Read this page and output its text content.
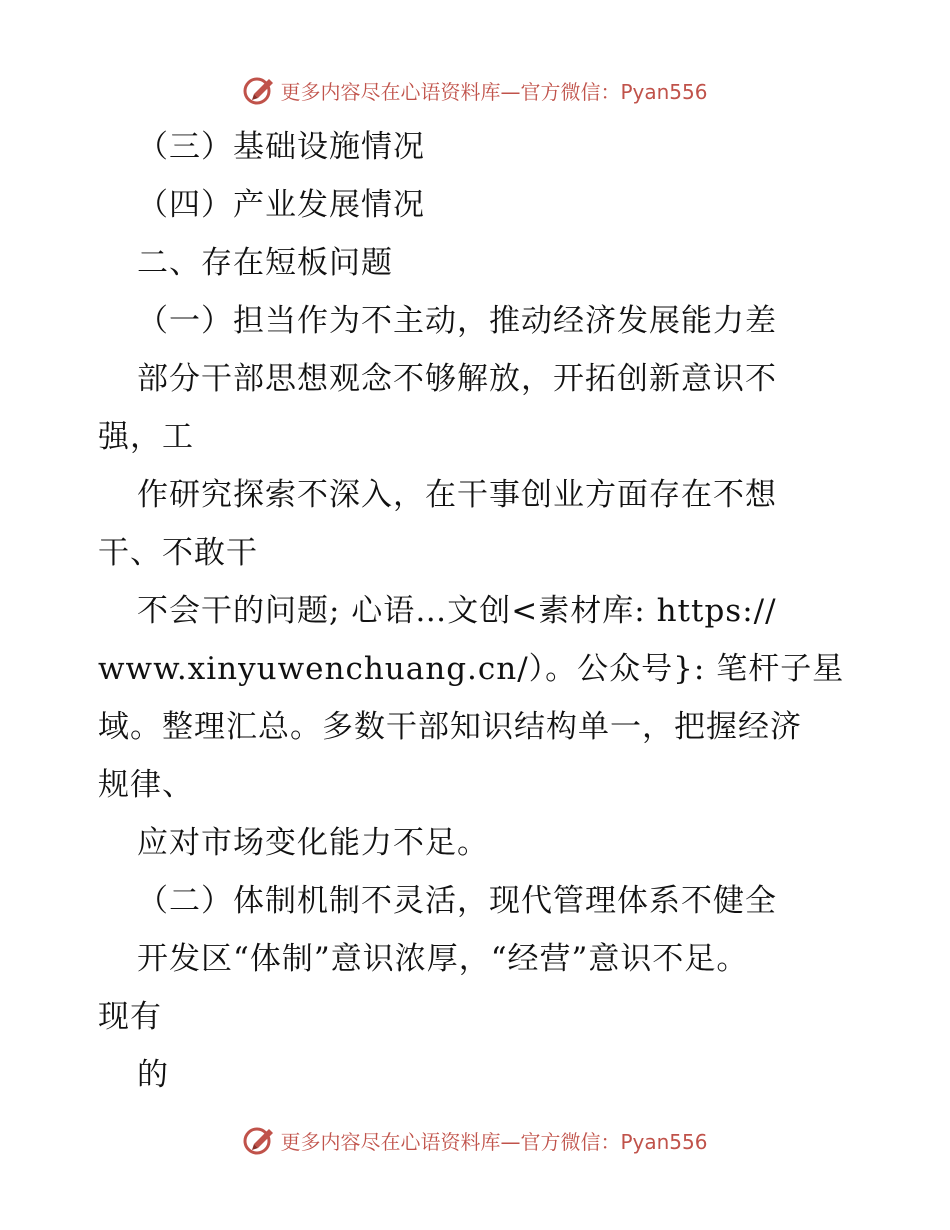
更多内容尽在心语资料库—官方微信：Pyan556
（三）基础设施情况
（四）产业发展情况
二、存在短板问题
（一）担当作为不主动，推动经济发展能力差
部分干部思想观念不够解放，开拓创新意识不
强，工
作研究探索不深入，在干事创业方面存在不想
干、不敢干
不会干的问题; 心语…文创<素材库: https://
www.xinyuwenchuang.cn/）。公众号}: 笔杆子星
域。整理汇总。多数干部知识结构单一，把握经济
规律、
应对市场变化能力不足。
（二）体制机制不灵活，现代管理体系不健全
开发区“体制”意识浓厚，“经营”意识不足。
现有
的
更多内容尽在心语资料库—官方微信：Pyan556
